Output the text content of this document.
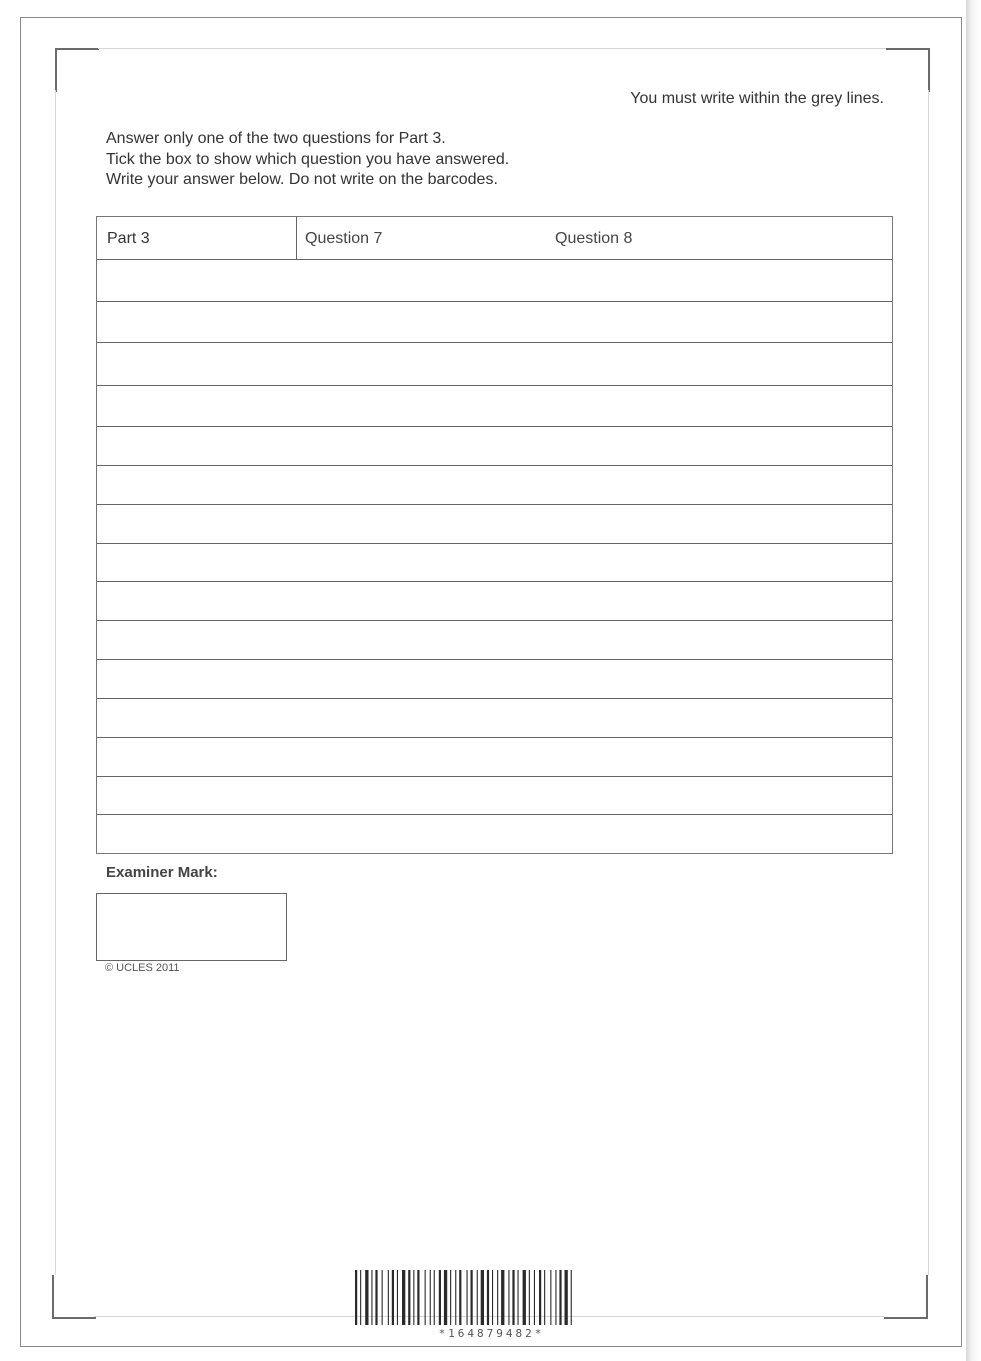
You must write within the grey lines.
Answer only one of the two questions for Part 3.
Tick the box to show which question you have answered.
Write your answer below. Do not write on the barcodes.
Part 3	Question 7	Question 8
Examiner Mark:
© UCLES 2011
*164879482*
